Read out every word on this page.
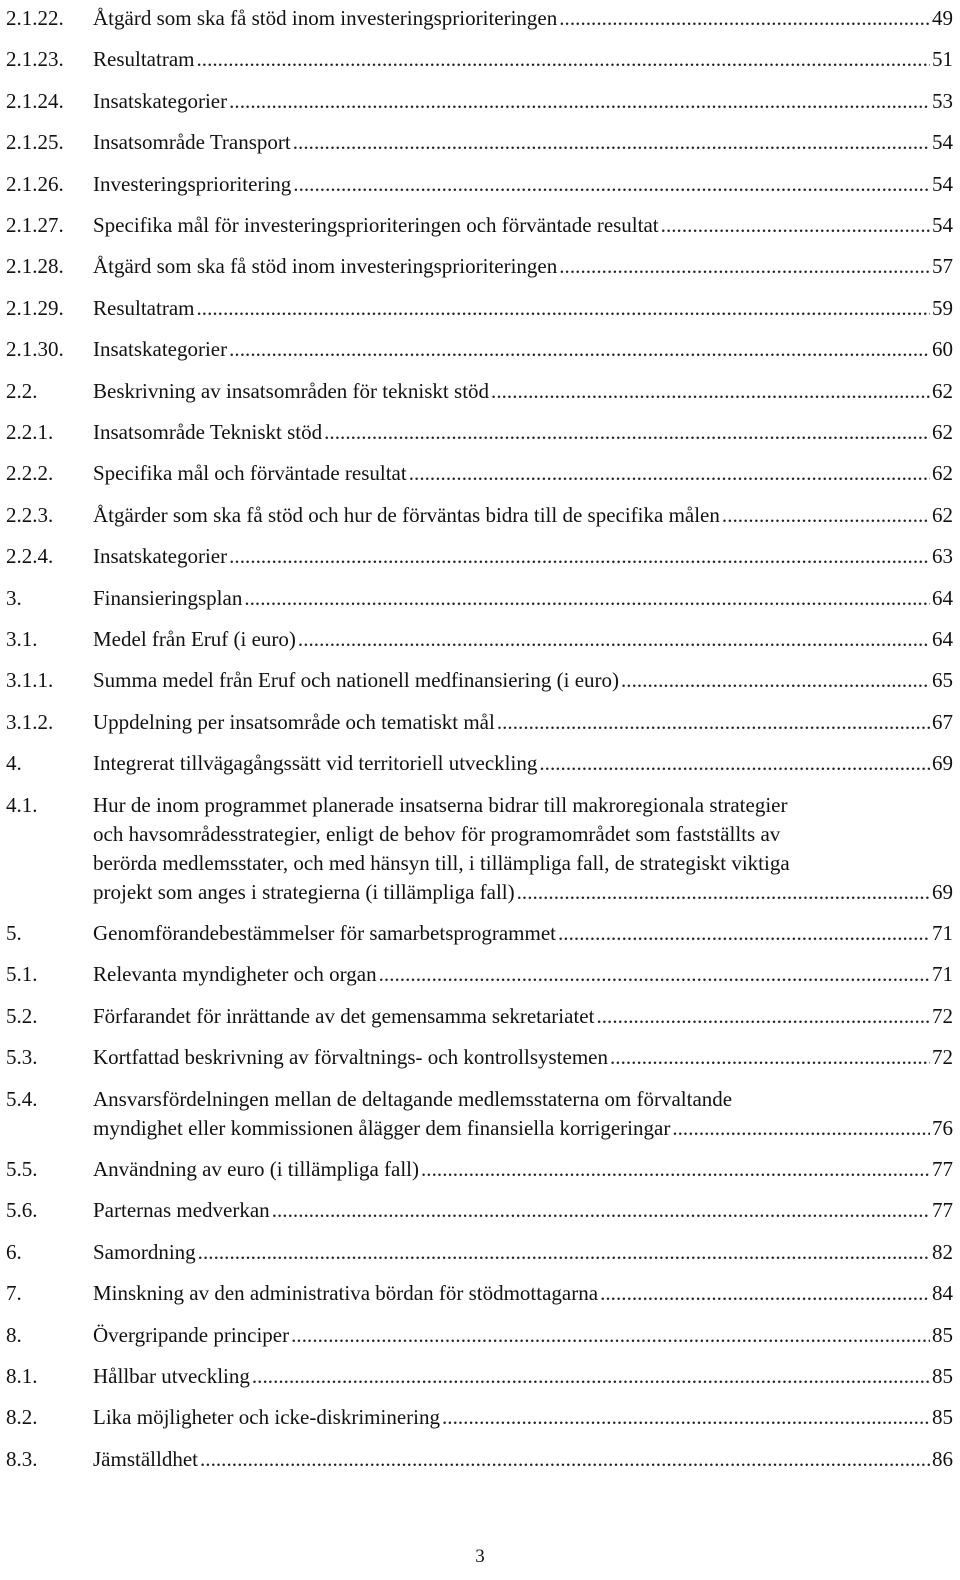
2.1.22. Åtgärd som ska få stöd inom investeringsprioriteringen . . .	49
2.1.23. Resultatram . . .	51
2.1.24. Insatskategorier . . .	53
2.1.25. Insatsområde Transport . . .	54
2.1.26. Investeringsprioritering . . .	54
2.1.27. Specifika mål för investeringsprioriteringen och förväntade resultat . . .	54
2.1.28. Åtgärd som ska få stöd inom investeringsprioriteringen . . .	57
2.1.29. Resultatram . . .	59
2.1.30. Insatskategorier . . .	60
2.2.	Beskrivning av insatsområden för tekniskt stöd . . .	62
2.2.1. Insatsområde Tekniskt stöd . . .	62
2.2.2. Specifika mål och förväntade resultat . . .	62
2.2.3. Åtgärder som ska få stöd och hur de förväntas bidra till de specifika målen . . .	62
2.2.4. Insatskategorier . . .	63
3.	Finansieringsplan . . .	64
3.1.	Medel från Eruf (i euro) . . .	64
3.1.1. Summa medel från Eruf och nationell medfinansiering (i euro) . . .	65
3.1.2. Uppdelning per insatsområde och tematiskt mål . . .	67
4.	Integrerat tillvägagångssätt vid territoriell utveckling . . .	69
4.1.	Hur de inom programmet planerade insatserna bidrar till makroregionala strategier
och havsområdesstrategier, enligt de behov för programområdet som fastställts av
berörda medlemsstater, och med hänsyn till, i tillämpliga fall, de strategiskt viktiga
projekt som anges i strategierna (i tillämpliga fall) . . .	69
5.	Genomförandebestämmelser för samarbetsprogrammet . . .	71
5.1.	Relevanta myndigheter och organ . . .	71
5.2.	Förfarandet för inrättande av det gemensamma sekretariatet . . .	72
5.3.	Kortfattad beskrivning av förvaltnings- och kontrollsystemen . . .	72
5.4.	Ansvarsfördelningen mellan de deltagande medlemsstaterna om förvaltande
myndighet eller kommissionen ålägger dem finansiella korrigeringar . . .	76
5.5.	Användning av euro (i tillämpliga fall) . . .	77
5.6.	Parternas medverkan . . .	77
6.	Samordning . . .	82
7.	Minskning av den administrativa bördan för stödmottagarna . . .	84
8.	Övergripande principer . . .	85
8.1.	Hållbar utveckling . . .	85
8.2.	Lika möjligheter och icke-diskriminering . . .	85
8.3.	Jämställdhet . . .	86
3
